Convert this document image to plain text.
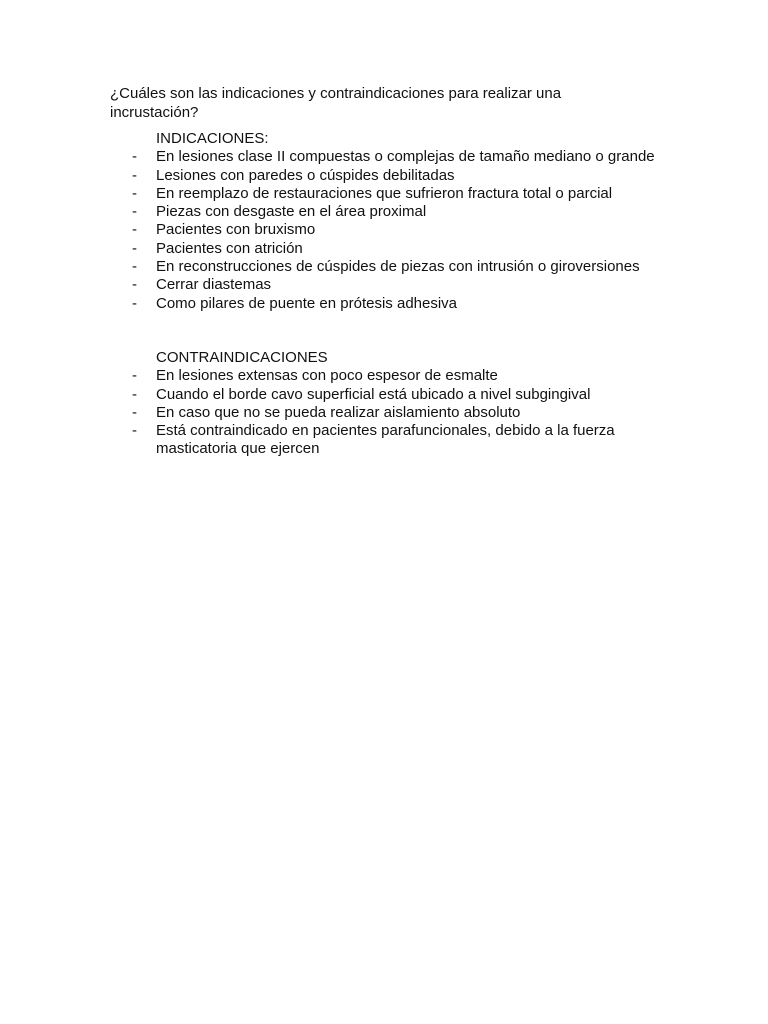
¿Cuáles son las indicaciones y contraindicaciones para realizar una incrustación?
INDICACIONES:
- En lesiones clase II compuestas o complejas de tamaño mediano o grande
- Lesiones con paredes o cúspides debilitadas
- En reemplazo de restauraciones que sufrieron fractura total o parcial
- Piezas con desgaste en el área proximal
- Pacientes con bruxismo
- Pacientes con atrición
- En reconstrucciones de cúspides de piezas con intrusión o giroversiones
- Cerrar diastemas
- Como pilares de puente en prótesis adhesiva
CONTRAINDICACIONES
- En lesiones extensas con poco espesor de esmalte
- Cuando el borde cavo superficial está ubicado a nivel subgingival
- En caso que no se pueda realizar aislamiento absoluto
- Está contraindicado en pacientes parafuncionales, debido a la fuerza masticatoria que ejercen
